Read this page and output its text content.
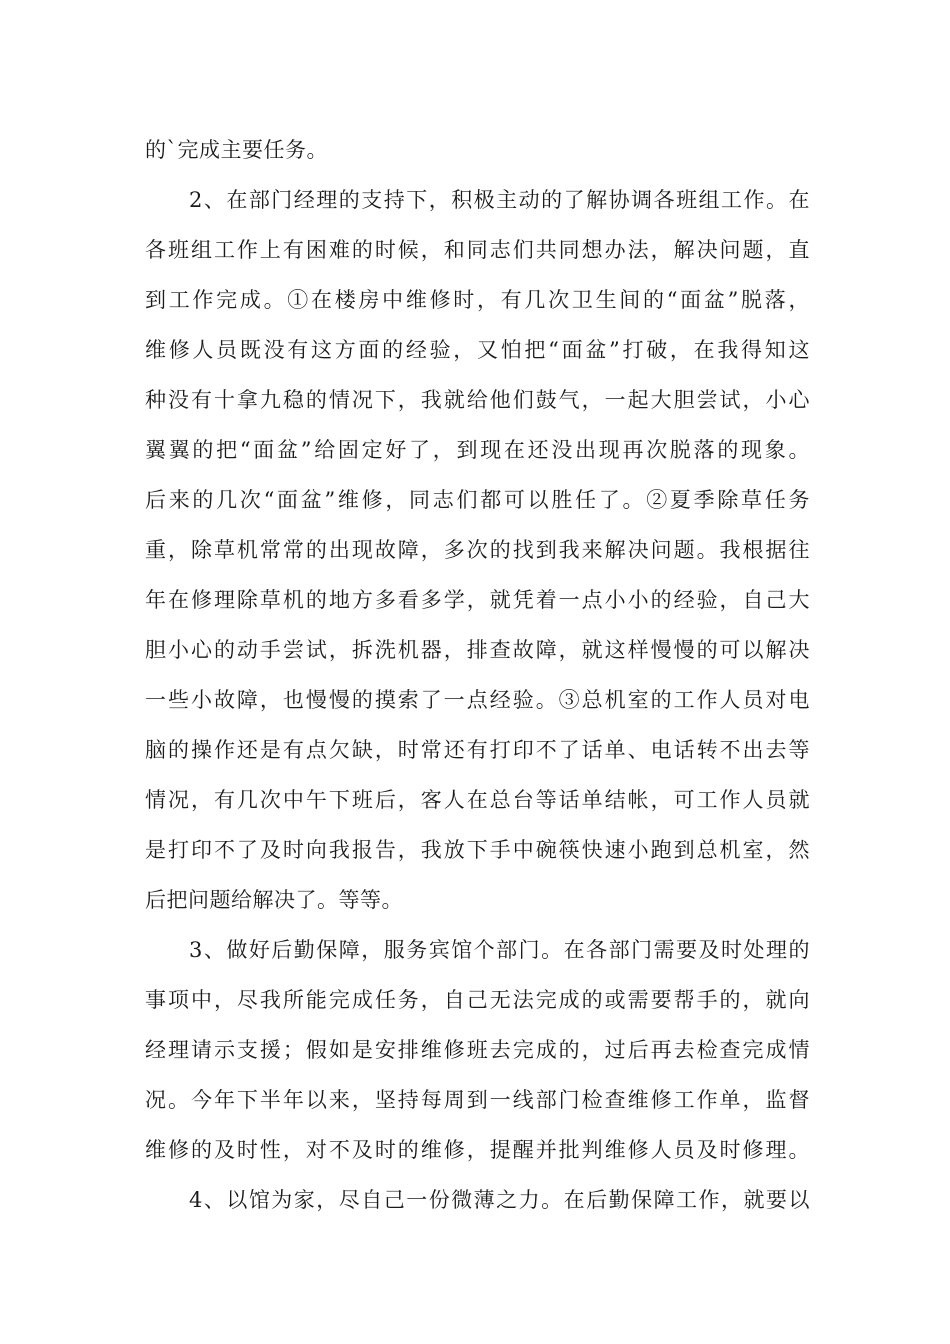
的`完成主要任务。
2、在部门经理的支持下，积极主动的了解协调各班组工作。在
各班组工作上有困难的时候，和同志们共同想办法，解决问题，直
到工作完成。①在楼房中维修时，有几次卫生间的“面盆”脱落，
维修人员既没有这方面的经验，又怕把“面盆”打破，在我得知这
种没有十拿九稳的情况下，我就给他们鼓气，一起大胆尝试，小心
翼翼的把“面盆”给固定好了，到现在还没出现再次脱落的现象。
后来的几次“面盆”维修，同志们都可以胜任了。②夏季除草任务
重，除草机常常的出现故障，多次的找到我来解决问题。我根据往
年在修理除草机的地方多看多学，就凭着一点小小的经验，自己大
胆小心的动手尝试，拆洗机器，排查故障，就这样慢慢的可以解决
一些小故障，也慢慢的摸索了一点经验。③总机室的工作人员对电
脑的操作还是有点欠缺，时常还有打印不了话单、电话转不出去等
情况，有几次中午下班后，客人在总台等话单结帐，可工作人员就
是打印不了及时向我报告，我放下手中碗筷快速小跑到总机室，然
后把问题给解决了。等等。
3、做好后勤保障，服务宾馆个部门。在各部门需要及时处理的
事项中，尽我所能完成任务，自己无法完成的或需要帮手的，就向
经理请示支援；假如是安排维修班去完成的，过后再去检查完成情
况。今年下半年以来，坚持每周到一线部门检查维修工作单，监督
维修的及时性，对不及时的维修，提醒并批判维修人员及时修理。
4、以馆为家，尽自己一份微薄之力。在后勤保障工作，就要以
